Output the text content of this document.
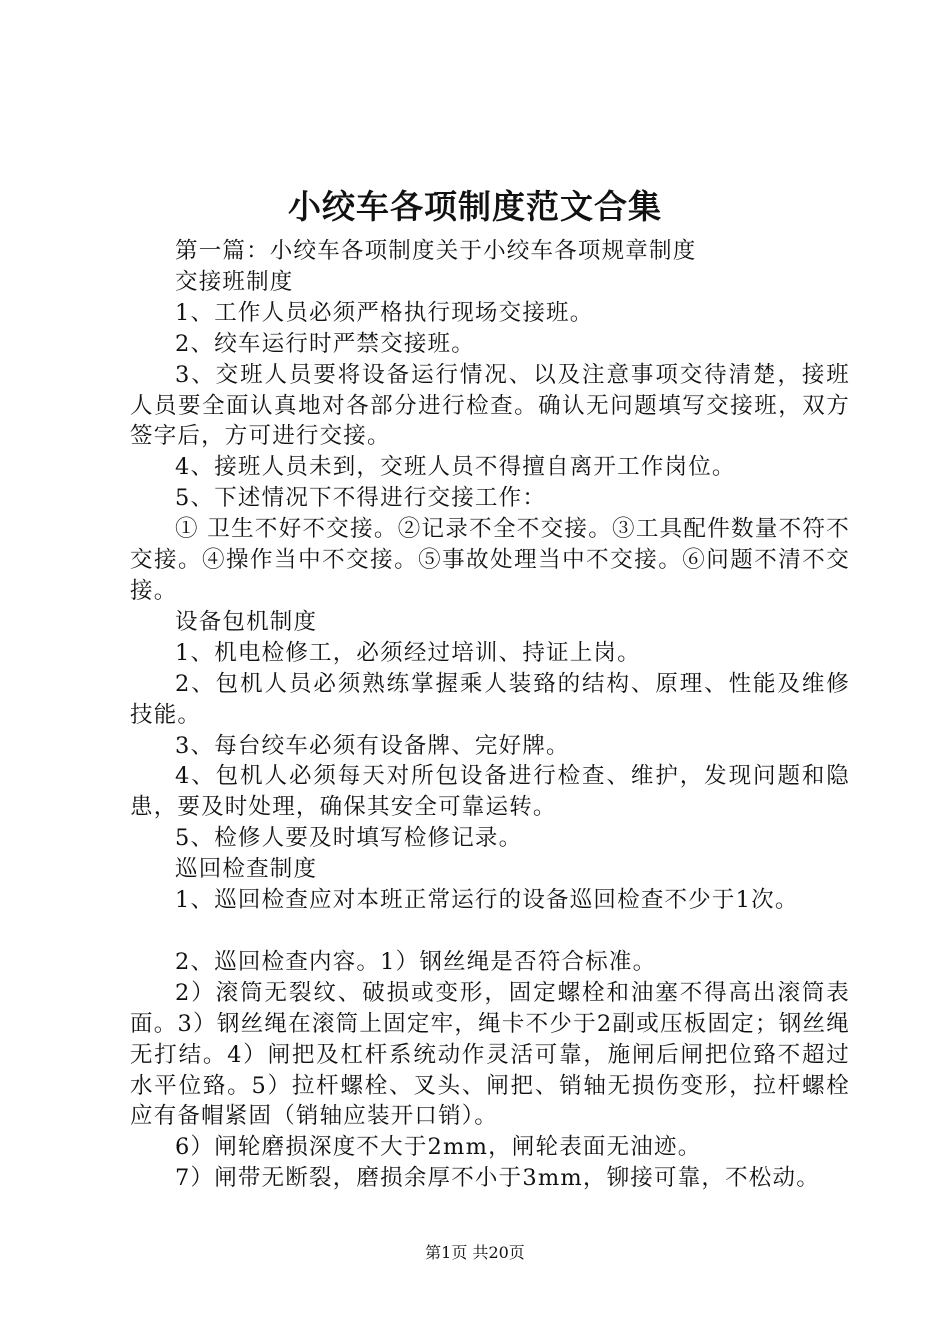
小绞车各项制度范文合集

第一篇：小绞车各项制度关于小绞车各项规章制度

交接班制度

1、工作人员必须严格执行现场交接班。

2、绞车运行时严禁交接班。

3、交班人员要将设备运行情况、以及注意事项交待清楚，接班人员要全面认真地对各部分进行检查。确认无问题填写交接班，双方签字后，方可进行交接。

4、接班人员未到，交班人员不得擅自离开工作岗位。

5、下述情况下不得进行交接工作：

① 卫生不好不交接。②记录不全不交接。③工具配件数量不符不交接。④操作当中不交接。⑤事故处理当中不交接。⑥问题不清不交接。

设备包机制度

1、机电检修工，必须经过培训、持证上岗。

2、包机人员必须熟练掌握乘人装臵的结构、原理、性能及维修技能。

3、每台绞车必须有设备牌、完好牌。

4、包机人必须每天对所包设备进行检查、维护，发现问题和隐患，要及时处理，确保其安全可靠运转。

5、检修人要及时填写检修记录。

巡回检查制度

1、巡回检查应对本班正常运行的设备巡回检查不少于1次。

2、巡回检查内容。1）钢丝绳是否符合标准。

2）滚筒无裂纹、破损或变形，固定螺栓和油塞不得高出滚筒表面。3）钢丝绳在滚筒上固定牢，绳卡不少于2副或压板固定；钢丝绳无打结。4）闸把及杠杆系统动作灵活可靠，施闸后闸把位臵不超过水平位臵。5）拉杆螺栓、叉头、闸把、销轴无损伤变形，拉杆螺栓应有备帽紧固（销轴应装开口销）。

6）闸轮磨损深度不大于2mm，闸轮表面无油迹。

7）闸带无断裂，磨损余厚不小于3mm，铆接可靠，不松动。

第1页 共20页
